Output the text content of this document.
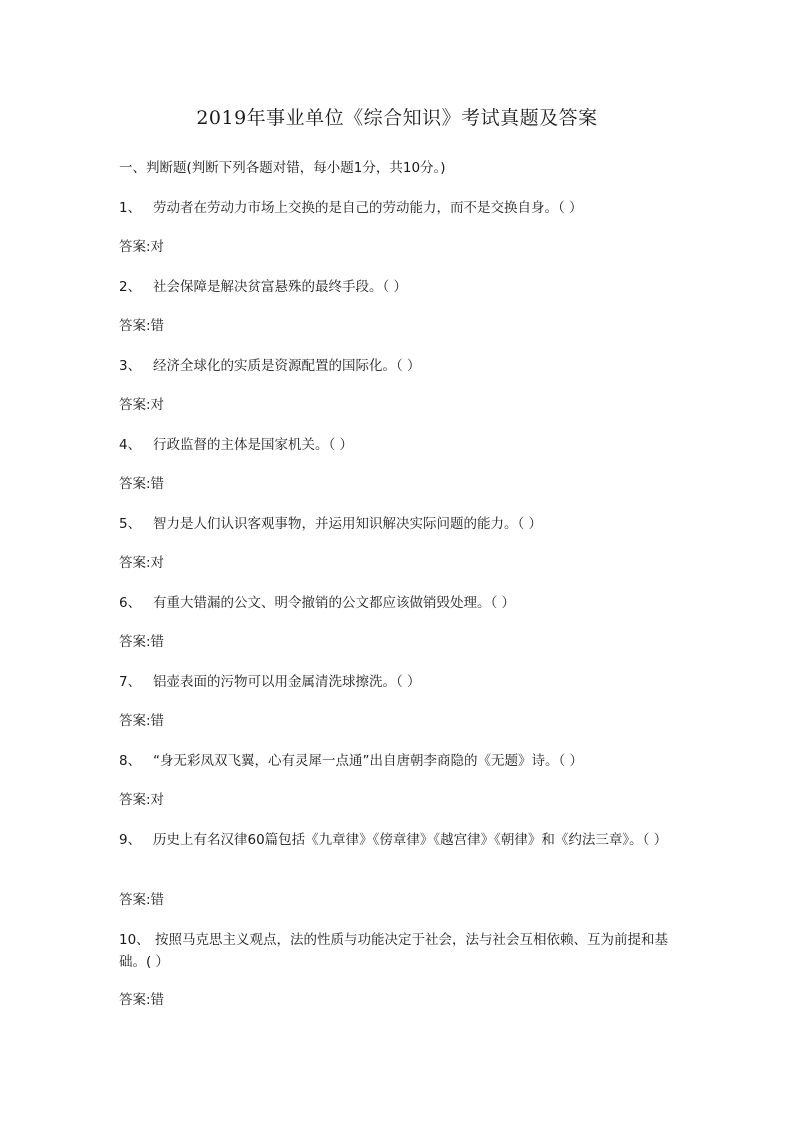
2019年事业单位《综合知识》考试真题及答案
一、判断题(判断下列各题对错，每小题1分，共10分。)
1、 劳动者在劳动力市场上交换的是自己的劳动能力，而不是交换自身。（ ）
答案:对
2、 社会保障是解决贫富悬殊的最终手段。（ ）
答案:错
3、 经济全球化的实质是资源配置的国际化。（ ）
答案:对
4、 行政监督的主体是国家机关。（ ）
答案:错
5、 智力是人们认识客观事物，并运用知识解决实际问题的能力。（ ）
答案:对
6、 有重大错漏的公文、明令撤销的公文都应该做销毁处理。（ ）
答案:错
7、 铝壶表面的污物可以用金属清洗球擦洗。（ ）
答案:错
8、 “身无彩凤双飞翼，心有灵犀一点通”出自唐朝李商隐的《无题》诗。（ ）
答案:对
9、 历史上有名汉律60篇包括《九章律》《傍章律》《越宫律》《朝律》和《约法三章》。（ ）
答案:错
10、 按照马克思主义观点，法的性质与功能决定于社会，法与社会互相依赖、互为前提和基础。( ）
答案:错
